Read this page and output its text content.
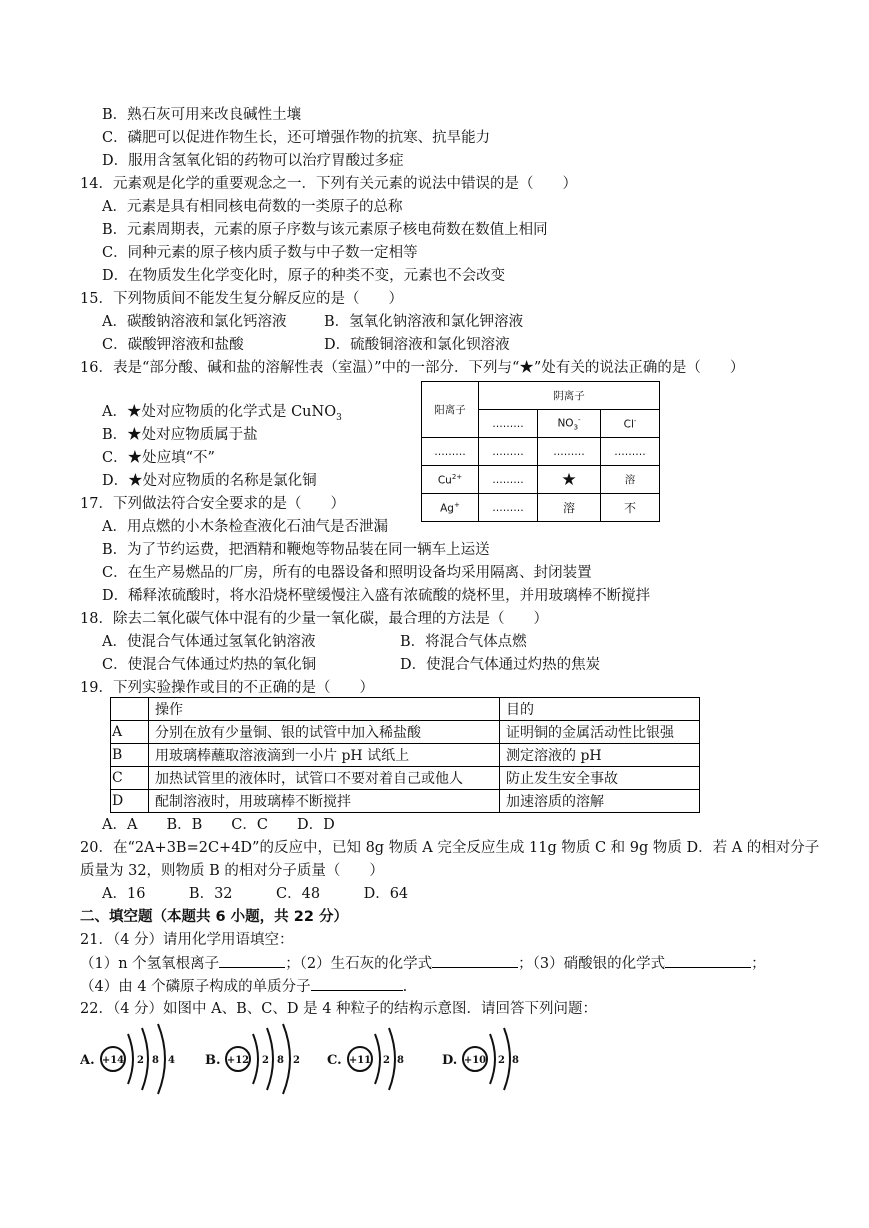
B．熟石灰可用来改良碱性土壤
C．磷肥可以促进作物生长，还可增强作物的抗寒、抗旱能力
D．服用含氢氧化铝的药物可以治疗胃酸过多症
14．元素观是化学的重要观念之一．下列有关元素的说法中错误的是（　　）
A．元素是具有相同核电荷数的一类原子的总称
B．元素周期表，元素的原子序数与该元素原子核电荷数在数值上相同
C．同种元素的原子核内质子数与中子数一定相等
D．在物质发生化学变化时，原子的种类不变，元素也不会改变
15．下列物质间不能发生复分解反应的是（　　）
A．碳酸钠溶液和氯化钙溶液	B．氢氧化钠溶液和氯化钾溶液
C．碳酸钾溶液和盐酸	D．硫酸铜溶液和氯化钡溶液
16．表是“部分酸、碱和盐的溶解性表（室温）”中的一部分．下列与“★”处有关的说法正确的是（　　）
A．★处对应物质的化学式是 CuNO$_3$
B．★处对应物质属于盐
C．★处应填“不”
D．★处对应物质的名称是氯化铜
阳离子	阴离子		
	………	$NO_3^-$	Cl-
………	………	………	………
$Cu^{2+}$	………	★	溶
Ag+	………	溶	不
17．下列做法符合安全要求的是（　　）
A．用点燃的小木条检查液化石油气是否泄漏
B．为了节约运费，把酒精和鞭炮等物品装在同一辆车上运送
C．在生产易燃品的厂房，所有的电器设备和照明设备均采用隔离、封闭装置
D．稀释浓硫酸时，将水沿烧杯壁缓慢注入盛有浓硫酸的烧杯里，并用玻璃棒不断搅拌
18．除去二氧化碳气体中混有的少量一氧化碳，最合理的方法是（　　）
A．使混合气体通过氢氧化钠溶液	B．将混合气体点燃
C．使混合气体通过灼热的氧化铜	D．使混合气体通过灼热的焦炭
19．下列实验操作或目的不正确的是（　　）
	操作	目的
A	分别在放有少量铜、银的试管中加入稀盐酸	证明铜的金属活动性比银强
B	用玻璃棒蘸取溶液滴到一小片 pH 试纸上	测定溶液的 pH
C	加热试管里的液体时，试管口不要对着自己或他人	防止发生安全事故
D	配制溶液时，用玻璃棒不断搅拌	加速溶质的溶解
A．A　　B．B　　C．C　　D．D
20．在“2A+3B=2C+4D”的反应中，已知 8g 物质 A 完全反应生成 11g 物质 C 和 9g 物质 D．若 A 的相对分子
质量为 32，则物质 B 的相对分子质量（　　）
A．16　　　B．32　　　C．48　　　D．64
二、填空题（本题共 6 小题，共 22 分）
21．（4 分）请用化学用语填空：
（1）n 个氢氧根离子	；（2）生石灰的化学式	；（3）硝酸银的化学式	；
（4）由 4 个磷原子构成的单质分子	.
22．（4 分）如图中 A、B、C、D 是 4 种粒子的结构示意图．请回答下列问题：
A. +14 2 8 4 B. +12 2 8 2 C. +11 2 8	D. +10 2 8
